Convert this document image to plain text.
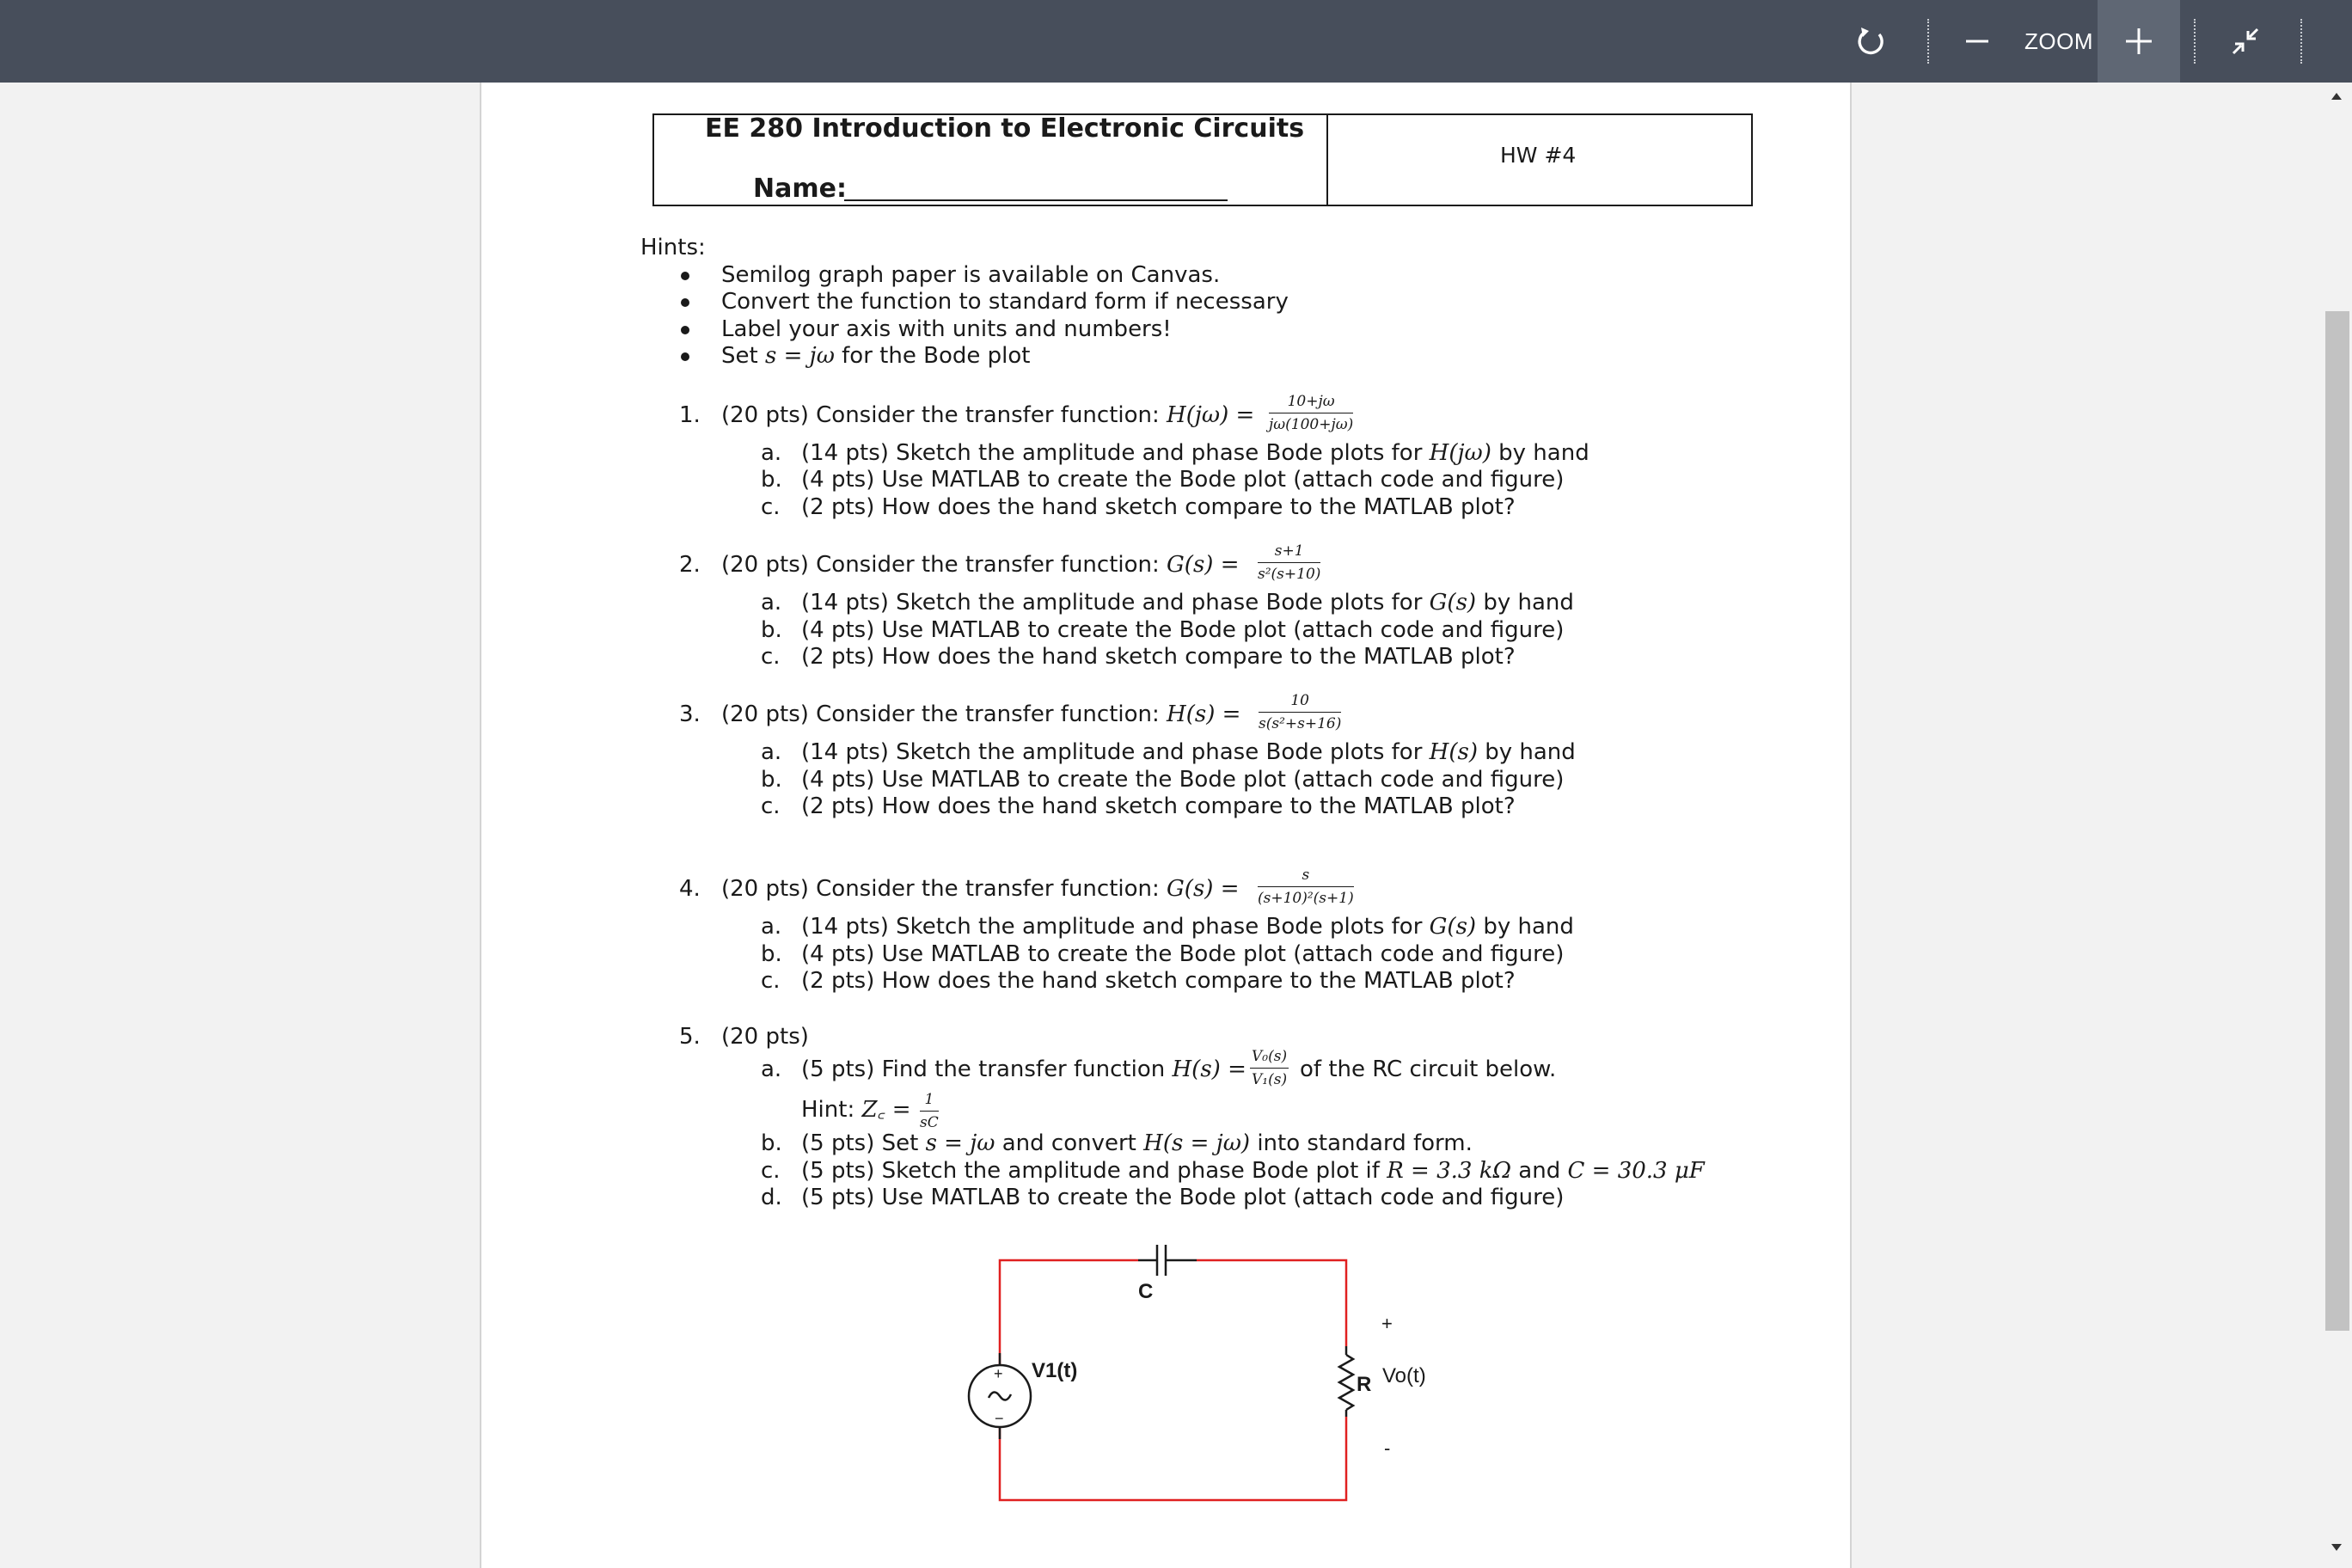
ZOOM
EE 280 Introduction to Electronic Circuits
Name:
HW #4
Hints:
Semilog graph paper is available on Canvas.
Convert the function to standard form if necessary
Label your axis with units and numbers!
Set s = jω for the Bode plot
1. (20 pts) Consider the transfer function: $H(j\omega) = \frac{10+j\omega}{j\omega(100+j\omega)}$
a. (14 pts) Sketch the amplitude and phase Bode plots for H(jω) by hand
b. (4 pts) Use MATLAB to create the Bode plot (attach code and figure)
c. (2 pts) How does the hand sketch compare to the MATLAB plot?
2. (20 pts) Consider the transfer function: $G(s) = \frac{s+1}{\text{s²(s+10)}}$
a. (14 pts) Sketch the amplitude and phase Bode plots for G(s) by hand
b. (4 pts) Use MATLAB to create the Bode plot (attach code and figure)
c. (2 pts) How does the hand sketch compare to the MATLAB plot?
3. (20 pts) Consider the transfer function: $H(s) = \frac{10}{\text{s(s²+s+16)}}$
a. (14 pts) Sketch the amplitude and phase Bode plots for H(s) by hand
b. (4 pts) Use MATLAB to create the Bode plot (attach code and figure)
c. (2 pts) How does the hand sketch compare to the MATLAB plot?
4. (20 pts) Consider the transfer function: $G(s) = \frac{s}{\text{(s+10)²(s+1)}}$
a. (14 pts) Sketch the amplitude and phase Bode plots for G(s) by hand
b. (4 pts) Use MATLAB to create the Bode plot (attach code and figure)
c. (2 pts) How does the hand sketch compare to the MATLAB plot?
5. (20 pts)
a. (5 pts) Find the transfer function $H(s) = \frac{\text{V₀(s)}}{\text{V₁(s)}}$ of the RC circuit below.
Hint: Z꜀ = $\frac{1}{sC}$
b. (5 pts) Set s = jω and convert H(s = jω) into standard form.
c. (5 pts) Sketch the amplitude and phase Bode plot if R = 3.3 kΩ and C = 30.3 μF
d. (5 pts) Use MATLAB to create the Bode plot (attach code and figure)
C
V1(t)
+
−
R Vo(t)
+
-
